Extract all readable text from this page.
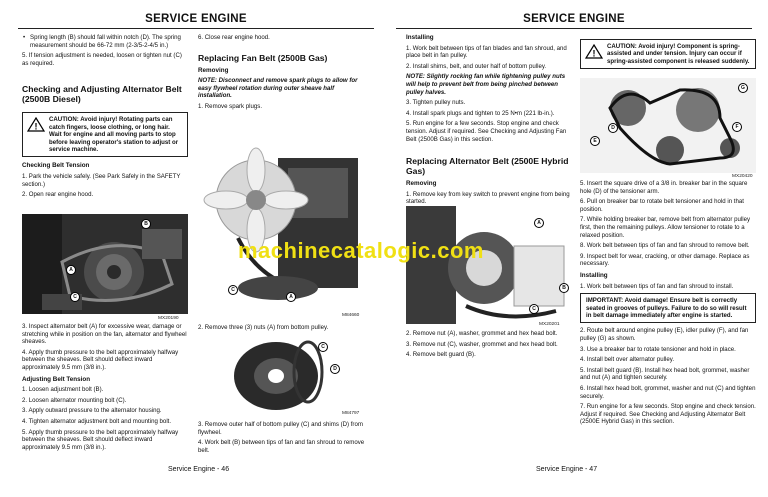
SERVICE ENGINE

• Spring length (B) should fall within notch (D). The spring measurement should be 66-72 mm (2-3/5-2-4/5 in.)

5. If tension adjustment is needed, loosen or tighten nut (C) as required.

Checking and Adjusting Alternator Belt (2500B Diesel)
!
CAUTION: Avoid injury! Rotating parts can catch fingers, loose clothing, or long hair. Wait for engine and all moving parts to stop before leaving operator's station to adjust or service machine.
Checking Belt Tension

1. Park the vehicle safely. (See Park Safely in the SAFETY section.)

2. Open rear engine hood.

B
A
C
MX20190

3. Inspect alternator belt (A) for excessive wear, damage or stretching while in position on the fan, alternator and flywheel sheaves.

4. Apply thumb pressure to the belt approximately halfway between the sheaves. Belt should deflect inward approximately 9.5 mm (3/8 in.).

Adjusting Belt Tension

1. Loosen adjustment bolt (B).

2. Loosen alternator mounting bolt (C).

3. Apply outward pressure to the alternator housing.

4. Tighten alternator adjustment bolt and mounting bolt.

5. Apply thumb pressure to the belt approximately halfway between the sheaves. Belt should deflect inward approximately 9.5 mm (3/8 in.).

6. Close rear engine hood.

Replacing Fan Belt (2500B Gas)
Removing

NOTE: Disconnect and remove spark plugs to allow for easy flywheel rotation during outer sheave half installation.

1. Remove spark plugs.

C
A
M84660

2. Remove three (3) nuts (A) from bottom pulley.

C
D
M84797

3. Remove outer half of bottom pulley (C) and shims (D) from flywheel.

4. Work belt (B) between tips of fan and fan shroud to remove belt.

Service Engine - 46
SERVICE ENGINE
Installing

1. Work belt between tips of fan blades and fan shroud, and place belt in fan pulley.

2. Install shims, belt, and outer half of bottom pulley.

NOTE: Slightly rocking fan while tightening pulley nuts will help to prevent belt from being pinched between pulley halves.

3. Tighten pulley nuts.

4. Install spark plugs and tighten to 25 N•m (221 lb-in.).

5. Run engine for a few seconds. Stop engine and check tension. Adjust if required. See Checking and Adjusting Fan Belt (2500B Gas) in this section.

Replacing Alternator Belt (2500E Hybrid Gas)
Removing

1. Remove key from key switch to prevent engine from being started.

A
B
C
MX20201

2. Remove nut (A), washer, grommet and hex head bolt.

3. Remove nut (C), washer, grommet and hex head bolt.

4. Remove belt guard (B).

!
CAUTION: Avoid injury! Component is spring-assisted and under tension. Injury can occur if spring-assisted component is released suddenly.
G
D
E
F
MX20420

5. Insert the square drive of a 3/8 in. breaker bar in the square hole (D) of the tensioner arm.

6. Pull on breaker bar to rotate belt tensioner and hold in that position.

7. While holding breaker bar, remove belt from alternator pulley first, then the remaining pulleys. Allow tensioner to rotate to a relaxed position.

8. Work belt between tips of fan and fan shroud to remove belt.

9. Inspect belt for wear, cracking, or other damage. Replace as necessary.

Installing

1. Work belt between tips of fan and fan shroud to install.

IMPORTANT: Avoid damage! Ensure belt is correctly seated in grooves of pulleys. Failure to do so will result in belt damage immediately after engine is started.

2. Route belt around engine pulley (E), idler pulley (F), and fan pulley (G) as shown.

3. Use a breaker bar to rotate tensioner and hold in place.

4. Install belt over alternator pulley.

5. Install belt guard (B). Install hex head bolt, grommet, washer and nut (A) and tighten securely.

6. Install hex head bolt, grommet, washer and nut (C) and tighten securely.

7. Run engine for a few seconds. Stop engine and check tension. Adjust if required. See Checking and Adjusting Alternator Belt (2500E Hybrid Gas) in this section.

Service Engine - 47
machinecatalogic.com
